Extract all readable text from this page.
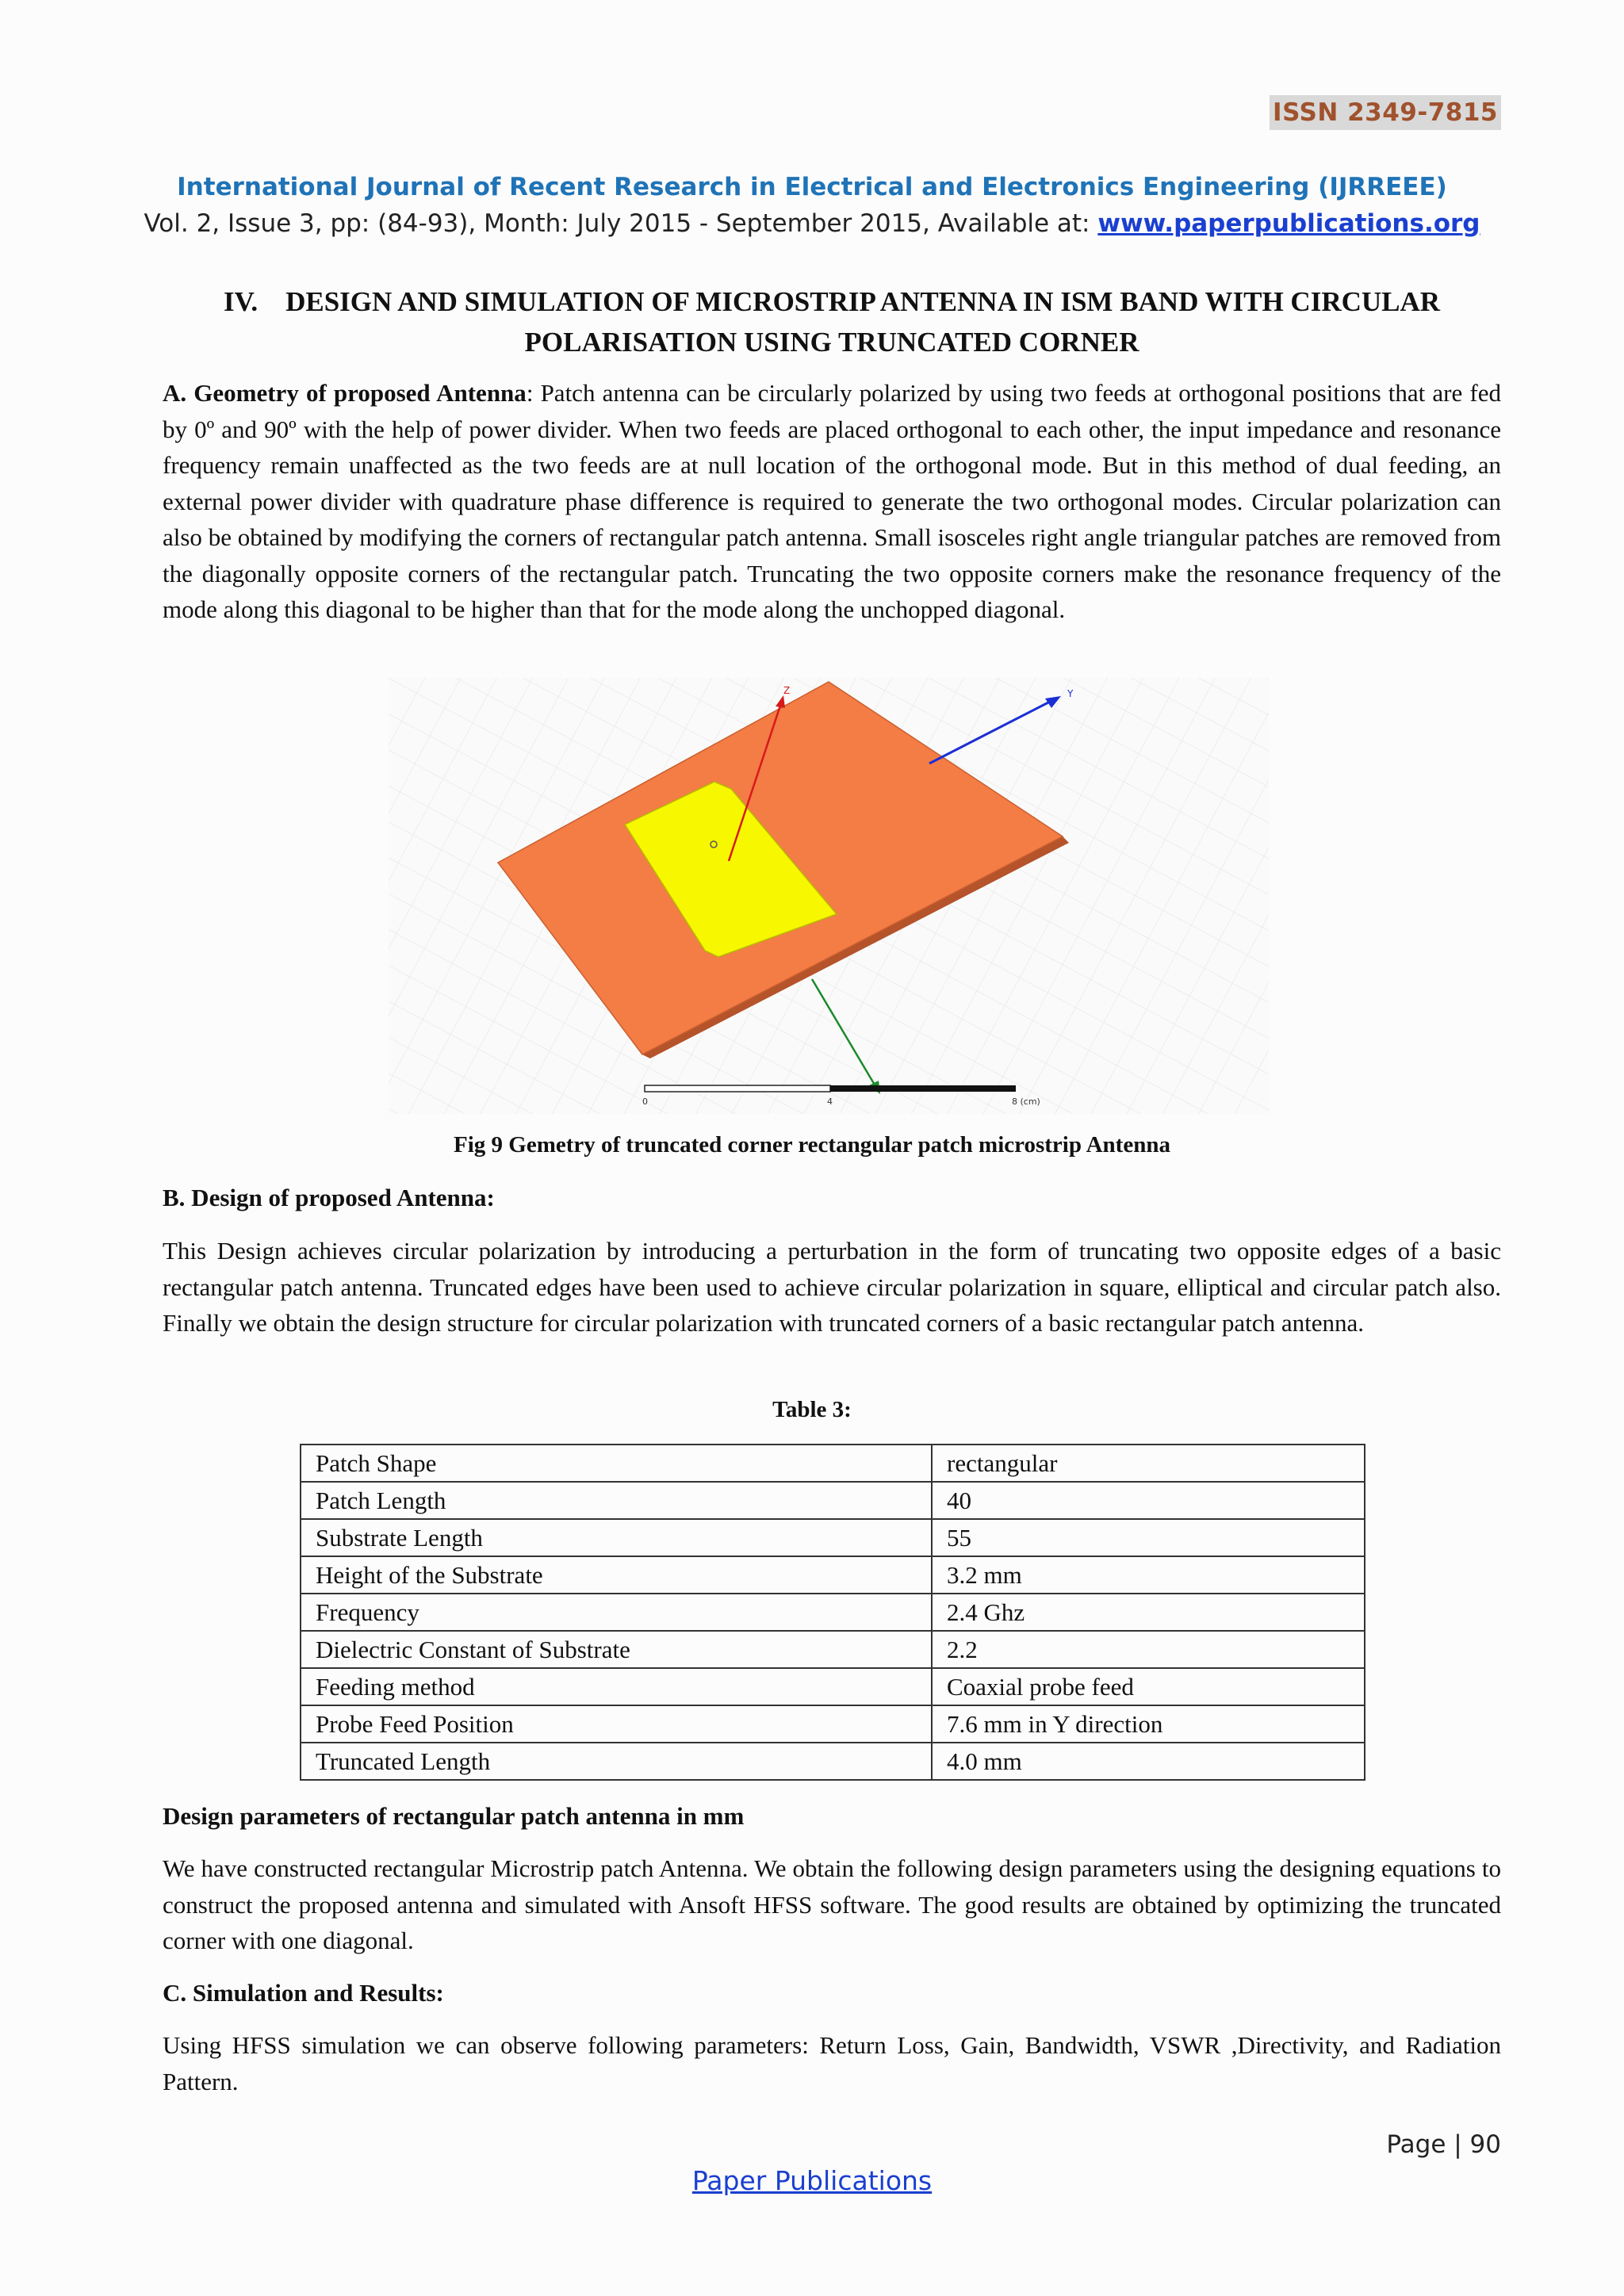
ISSN 2349-7815
International Journal of Recent Research in Electrical and Electronics Engineering (IJRREEE)
Vol. 2, Issue 3, pp: (84-93), Month: July 2015 - September 2015, Available at: www.paperpublications.org
IV.    DESIGN AND SIMULATION OF MICROSTRIP ANTENNA IN ISM BAND WITH CIRCULAR
POLARISATION USING TRUNCATED CORNER
A. Geometry of proposed Antenna: Patch antenna can be circularly polarized by using two feeds at orthogonal positions that are fed by 0º and 90º with the help of power divider. When two feeds are placed orthogonal to each other, the input impedance and resonance frequency remain unaffected as the two feeds are at null location of the orthogonal mode. But in this method of dual feeding, an external power divider with quadrature phase difference is required to generate the two orthogonal modes. Circular polarization can also be obtained by modifying the corners of rectangular patch antenna. Small isosceles right angle triangular patches are removed from the diagonally opposite corners of the rectangular patch. Truncating the two opposite corners make the resonance frequency of the mode along this diagonal to be higher than that for the mode along the unchopped diagonal.
Z	Y
0	4	8 (cm)
Fig 9 Gemetry of truncated corner rectangular patch microstrip Antenna
B. Design of proposed Antenna:
This Design achieves circular polarization by introducing a perturbation in the form of truncating two opposite edges of a basic rectangular patch antenna. Truncated edges have been used to achieve circular polarization in square, elliptical and circular patch also. Finally we obtain the design structure for circular polarization with truncated corners of a basic rectangular patch antenna.
Table 3:
Patch Shape	rectangular
Patch Length	40
Substrate Length	55
Height of the Substrate	3.2 mm
Frequency	2.4 Ghz
Dielectric Constant of Substrate	2.2
Feeding method	Coaxial probe feed
Probe Feed Position	7.6 mm in Y direction
Truncated Length	4.0 mm
Design parameters of rectangular patch antenna in mm
We have constructed rectangular Microstrip patch Antenna. We obtain the following design parameters using the designing equations to construct the proposed antenna and simulated with Ansoft HFSS software. The good results are obtained by optimizing the truncated corner with one diagonal.
C. Simulation and Results:
Using HFSS simulation we can observe following parameters: Return Loss, Gain, Bandwidth, VSWR ,Directivity, and Radiation Pattern.
Page | 90
Paper Publications
